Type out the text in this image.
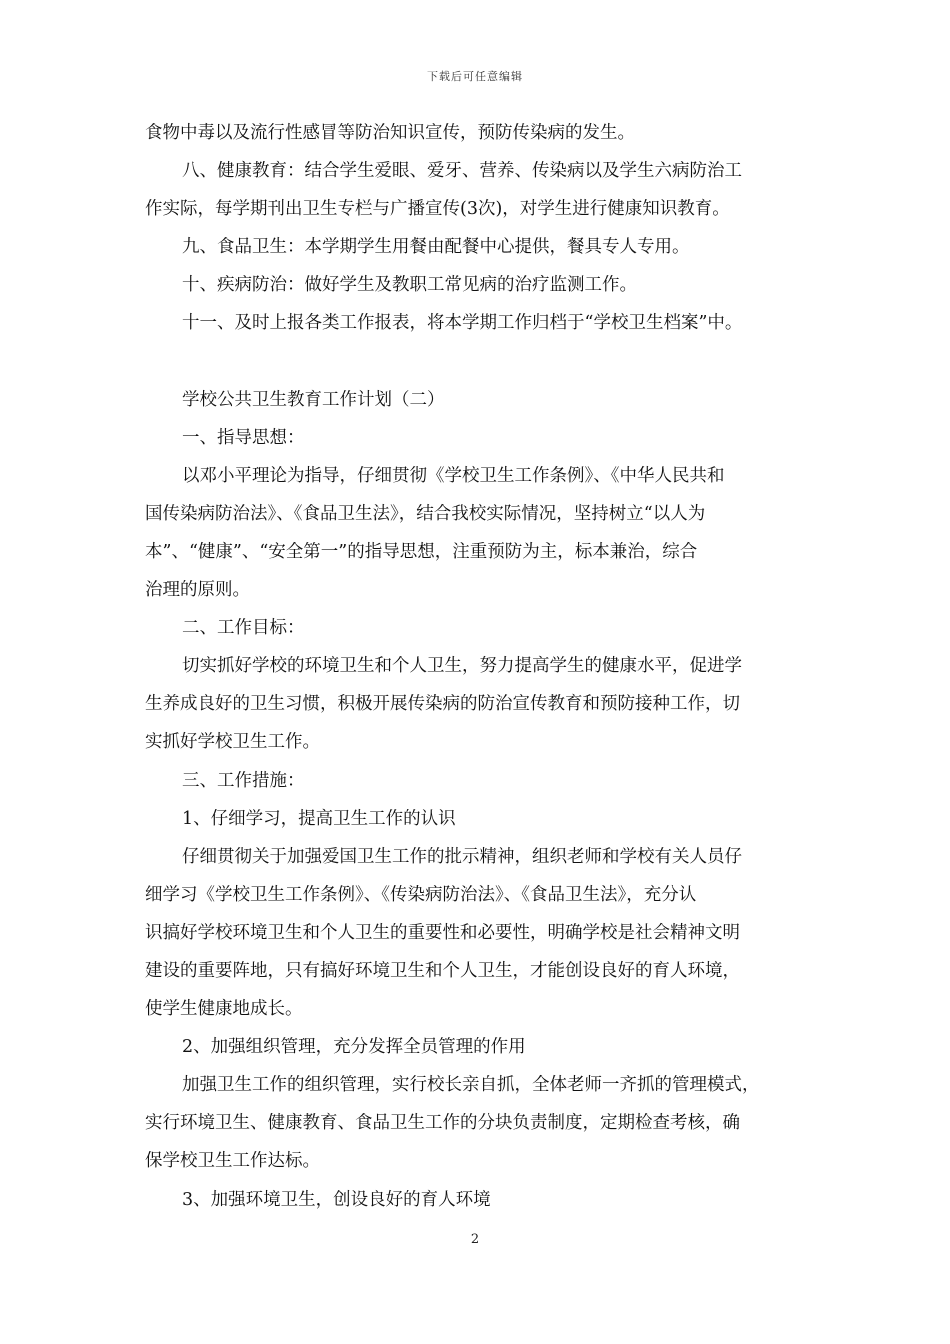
下载后可任意编辑
食物中毒以及流行性感冒等防治知识宣传，预防传染病的发生。
八、健康教育：结合学生爱眼、爱牙、营养、传染病以及学生六病防治工
作实际，每学期刊出卫生专栏与广播宣传(3次)，对学生进行健康知识教育。
九、食品卫生：本学期学生用餐由配餐中心提供，餐具专人专用。
十、疾病防治：做好学生及教职工常见病的治疗监测工作。
十一、及时上报各类工作报表，将本学期工作归档于“学校卫生档案”中。
学校公共卫生教育工作计划（二）
一、指导思想：
以邓小平理论为指导，仔细贯彻《学校卫生工作条例》、《中华人民共和
国传染病防治法》、《食品卫生法》，结合我校实际情况，坚持树立“以人为
本”、“健康”、“安全第一”的指导思想，注重预防为主，标本兼治，综合
治理的原则。
二、工作目标：
切实抓好学校的环境卫生和个人卫生，努力提高学生的健康水平，促进学
生养成良好的卫生习惯，积极开展传染病的防治宣传教育和预防接种工作，切
实抓好学校卫生工作。
三、工作措施：
1、仔细学习，提高卫生工作的认识
仔细贯彻关于加强爱国卫生工作的批示精神，组织老师和学校有关人员仔
细学习《学校卫生工作条例》、《传染病防治法》、《食品卫生法》，充分认
识搞好学校环境卫生和个人卫生的重要性和必要性，明确学校是社会精神文明
建设的重要阵地，只有搞好环境卫生和个人卫生，才能创设良好的育人环境，
使学生健康地成长。
2、加强组织管理，充分发挥全员管理的作用
加强卫生工作的组织管理，实行校长亲自抓，全体老师一齐抓的管理模式，
实行环境卫生、健康教育、食品卫生工作的分块负责制度，定期检查考核，确
保学校卫生工作达标。
3、加强环境卫生，创设良好的育人环境
2
